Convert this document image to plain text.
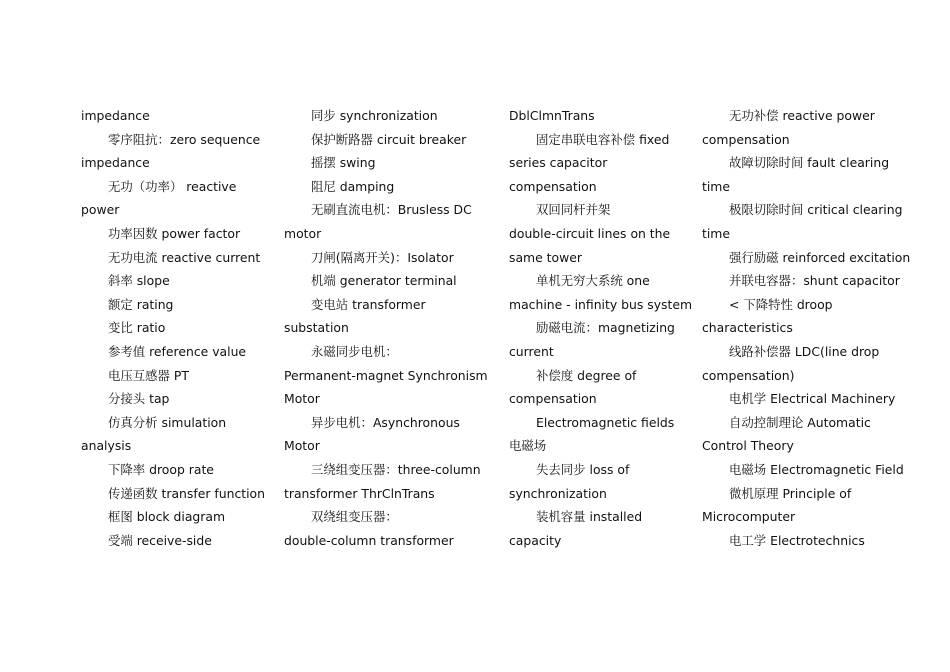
impedance
零序阻抗：zero sequence
impedance
无功（功率） reactive
power
功率因数 power factor
无功电流 reactive current
斜率 slope
额定 rating
变比 ratio
参考值 reference value
电压互感器 PT
分接头 tap
仿真分析 simulation
analysis
下降率 droop rate
传递函数 transfer function
框图 block diagram
受端 receive-side
同步 synchronization
保护断路器 circuit breaker
摇摆 swing
阻尼 damping
无刷直流电机：Brusless DC
motor
刀闸(隔离开关)：Isolator
机端 generator terminal
变电站 transformer
substation
永磁同步电机：
Permanent-magnet Synchronism
Motor
异步电机：Asynchronous
Motor
三绕组变压器：three-column
transformer ThrClnTrans
双绕组变压器：
double-column transformer
DblClmnTrans
固定串联电容补偿 fixed
series capacitor
compensation
双回同杆并架
double-circuit lines on the
same tower
单机无穷大系统 one
machine - infinity bus system
励磁电流：magnetizing
current
补偿度 degree of
compensation
Electromagnetic fields
电磁场
失去同步 loss of
synchronization
装机容量 installed
capacity
无功补偿 reactive power
compensation
故障切除时间 fault clearing
time
极限切除时间 critical clearing
time
强行励磁 reinforced excitation
并联电容器：shunt capacitor
< 下降特性 droop
characteristics
线路补偿器 LDC(line drop
compensation)
电机学 Electrical Machinery
自动控制理论 Automatic
Control Theory
电磁场 Electromagnetic Field
微机原理 Principle of
Microcomputer
电工学 Electrotechnics
